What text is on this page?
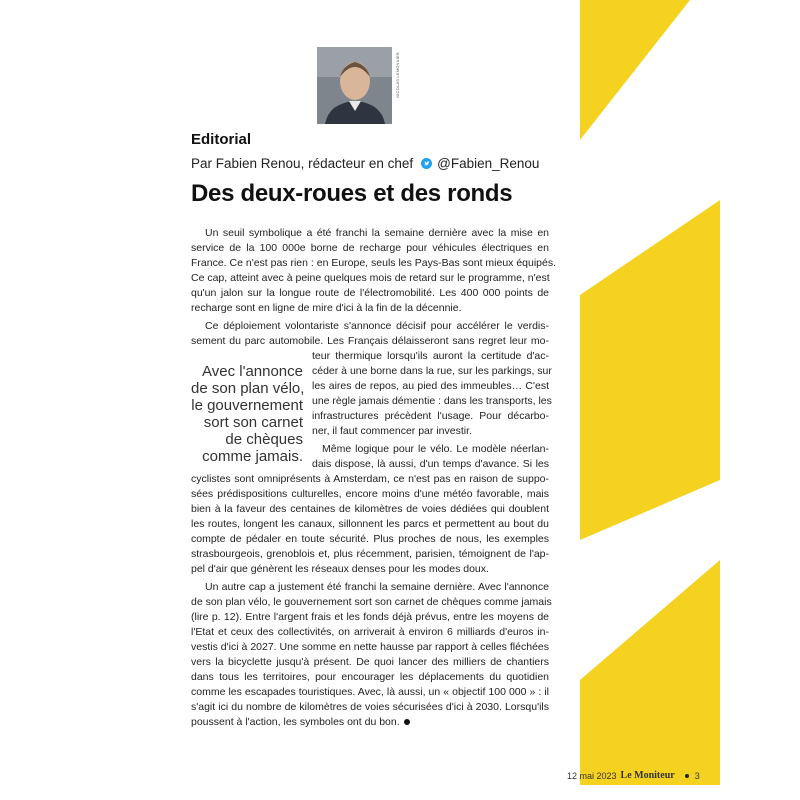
NICOLAS LEMONNIER
Editorial
Par Fabien Renou, rédacteur en chef @Fabien_Renou
Des deux-roues et des ronds
Avec l'annonce
de son plan vélo,
le gouvernement
sort son carnet
de chèques
comme jamais.
Un seuil symbolique a été franchi la semaine dernière avec la mise en
service de la 100 000e borne de recharge pour véhicules électriques en
France. Ce n'est pas rien : en Europe, seuls les Pays-Bas sont mieux équipés.
Ce cap, atteint avec à peine quelques mois de retard sur le programme, n'est
qu'un jalon sur la longue route de l'électromobilité. Les 400 000 points de
recharge sont en ligne de mire d'ici à la fin de la décennie.
Ce déploiement volontariste s'annonce décisif pour accélérer le verdis-
sement du parc automobile. Les Français délaisseront sans regret leur mo-
teur thermique lorsqu'ils auront la certitude d'ac-
céder à une borne dans la rue, sur les parkings, sur
les aires de repos, au pied des immeubles… C'est
une règle jamais démentie : dans les transports, les
infrastructures précèdent l'usage. Pour décarbo-
ner, il faut commencer par investir.
Même logique pour le vélo. Le modèle néerlan-
dais dispose, là aussi, d'un temps d'avance. Si les
cyclistes sont omniprésents à Amsterdam, ce n'est pas en raison de suppo-
sées prédispositions culturelles, encore moins d'une météo favorable, mais
bien à la faveur des centaines de kilomètres de voies dédiées qui doublent
les routes, longent les canaux, sillonnent les parcs et permettent au bout du
compte de pédaler en toute sécurité. Plus proches de nous, les exemples
strasbourgeois, grenoblois et, plus récemment, parisien, témoignent de l'ap-
pel d'air que génèrent les réseaux denses pour les modes doux.
Un autre cap a justement été franchi la semaine dernière. Avec l'annonce
de son plan vélo, le gouvernement sort son carnet de chèques comme jamais
(lire p. 12). Entre l'argent frais et les fonds déjà prévus, entre les moyens de
l'Etat et ceux des collectivités, on arriverait à environ 6 milliards d'euros in-
vestis d'ici à 2027. Une somme en nette hausse par rapport à celles fléchées
vers la bicyclette jusqu'à présent. De quoi lancer des milliers de chantiers
dans tous les territoires, pour encourager les déplacements du quotidien
comme les escapades touristiques. Avec, là aussi, un « objectif 100 000 » : il
s'agit ici du nombre de kilomètres de voies sécurisées d'ici à 2030. Lorsqu'ils
poussent à l'action, les symboles ont du bon.
12 mai 2023 Le Moniteur 3
